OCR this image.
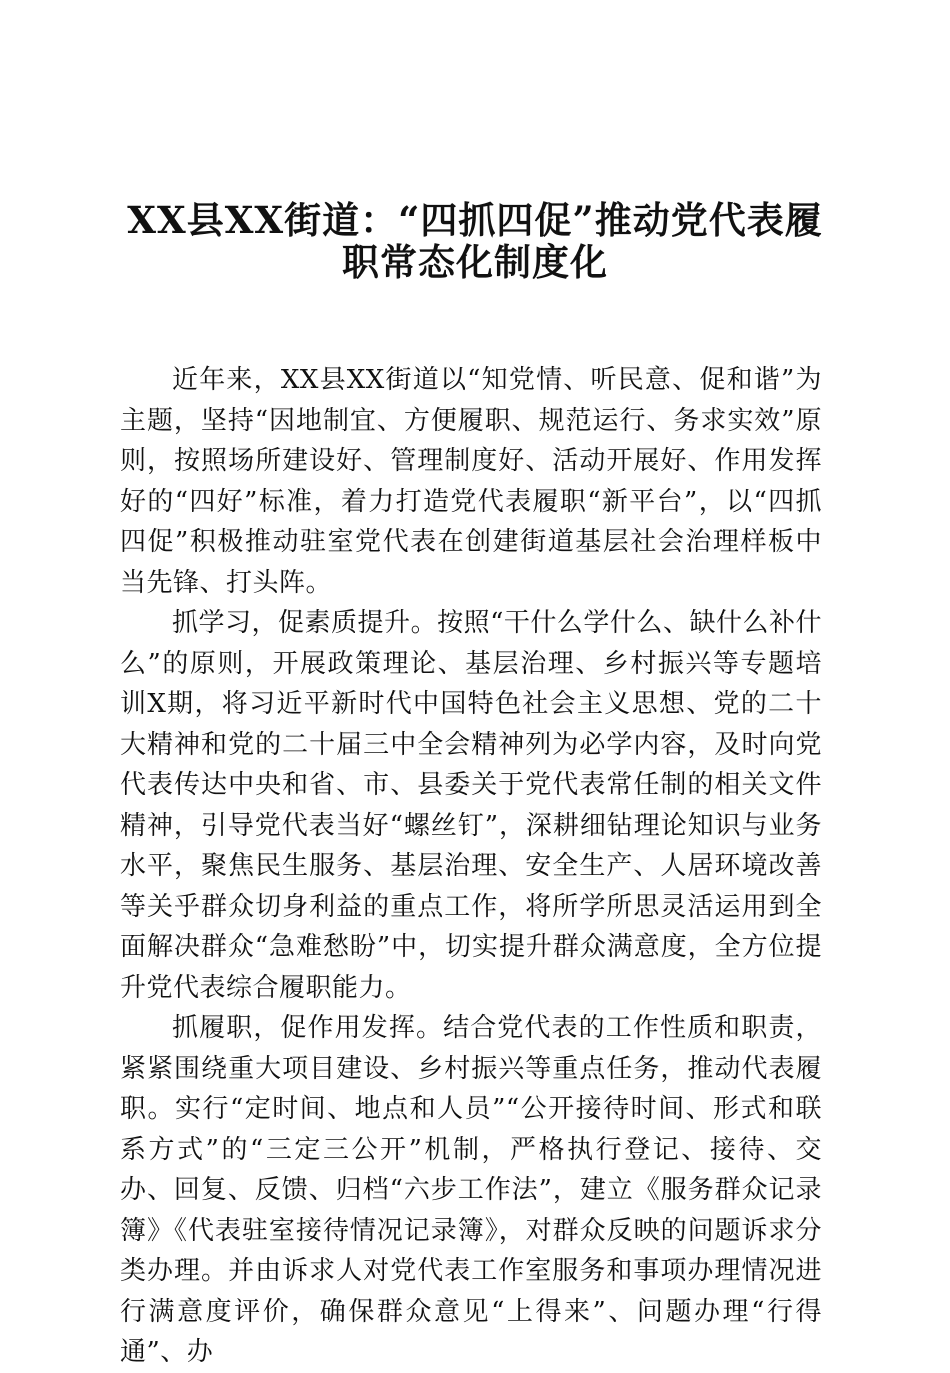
XX县XX街道：“四抓四促”推动党代表履
职常态化制度化

近年来，XX县XX街道以“知党情、听民意、促和谐”为主题，坚持“因地制宜、方便履职、规范运行、务求实效”原则，按照场所建设好、管理制度好、活动开展好、作用发挥好的“四好”标准，着力打造党代表履职“新平台”，以“四抓四促”积极推动驻室党代表在创建街道基层社会治理样板中当先锋、打头阵。

抓学习，促素质提升。按照“干什么学什么、缺什么补什么”的原则，开展政策理论、基层治理、乡村振兴等专题培训X期，将习近平新时代中国特色社会主义思想、党的二十大精神和党的二十届三中全会精神列为必学内容，及时向党代表传达中央和省、市、县委关于党代表常任制的相关文件精神，引导党代表当好“螺丝钉”，深耕细钻理论知识与业务水平，聚焦民生服务、基层治理、安全生产、人居环境改善等关乎群众切身利益的重点工作，将所学所思灵活运用到全面解决群众“急难愁盼”中，切实提升群众满意度，全方位提升党代表综合履职能力。

抓履职，促作用发挥。结合党代表的工作性质和职责，紧紧围绕重大项目建设、乡村振兴等重点任务，推动代表履职。实行“定时间、地点和人员”“公开接待时间、形式和联系方式”的“三定三公开”机制，严格执行登记、接待、交办、回复、反馈、归档“六步工作法”，建立《服务群众记录簿》《代表驻室接待情况记录簿》，对群众反映的问题诉求分类办理。并由诉求人对党代表工作室服务和事项办理情况进行满意度评价，确保群众意见“上得来”、问题办理“行得通”、办
